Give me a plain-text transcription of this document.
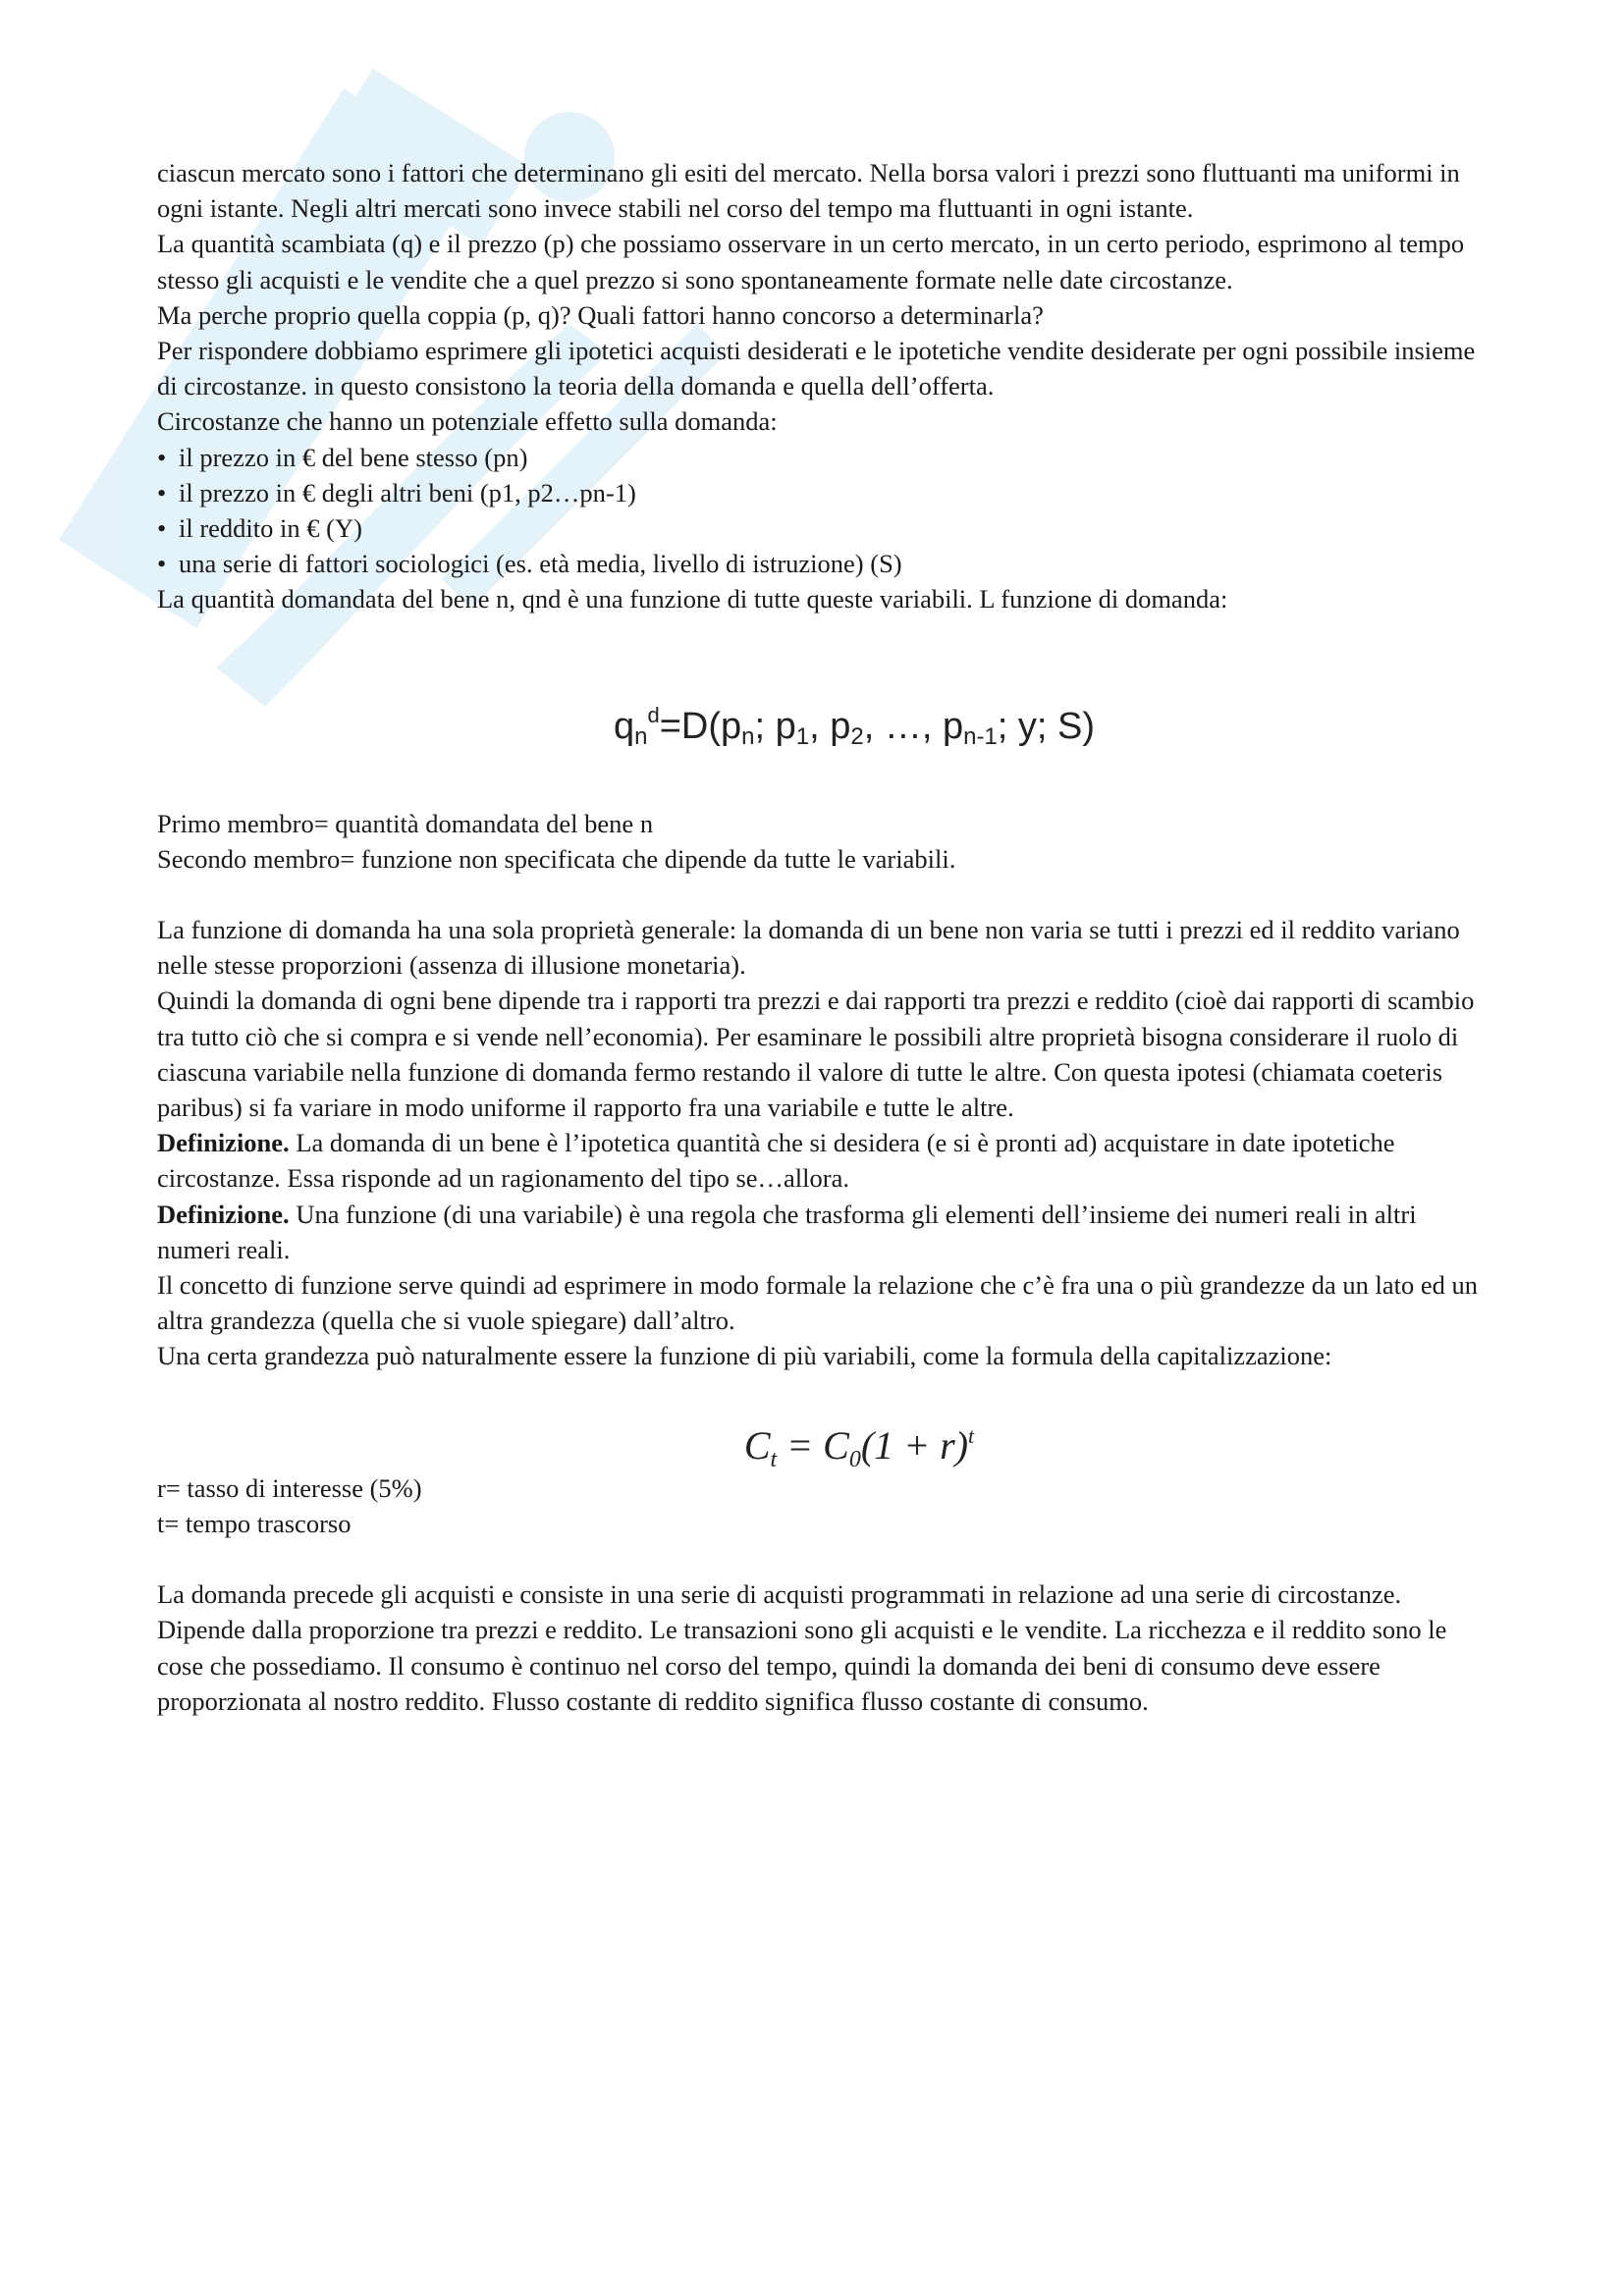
ciascun mercato sono i fattori che determinano gli esiti del mercato. Nella borsa valori i prezzi sono fluttuanti ma uniformi in ogni istante. Negli altri mercati sono invece stabili nel corso del tempo ma fluttuanti in ogni istante.

La quantità scambiata (q) e il prezzo (p) che possiamo osservare in un certo mercato, in un certo periodo, esprimono al tempo stesso gli acquisti e le vendite che a quel prezzo si sono spontaneamente formate nelle date circostanze.

Ma perche proprio quella coppia (p, q)? Quali fattori hanno concorso a determinarla?

Per rispondere dobbiamo esprimere gli ipotetici acquisti desiderati e le ipotetiche vendite desiderate per ogni possibile insieme di circostanze. in questo consistono la teoria della domanda e quella dell’offerta.

Circostanze che hanno un potenziale effetto sulla domanda:

• il prezzo in € del bene stesso (pn)
• il prezzo in € degli altri beni (p1, p2…pn-1)
• il reddito in € (Y)
• una serie di fattori sociologici (es. età media, livello di istruzione) (S)

La quantità domandata del bene n, qnd è una funzione di tutte queste variabili. L funzione di domanda:

$q_n^d=D(p_n$; $p_1$, $p_2$, …, $p_{n-1}$; y; S)

Primo membro= quantità domandata del bene n

Secondo membro= funzione non specificata che dipende da tutte le variabili.

La funzione di domanda ha una sola proprietà generale: la domanda di un bene non varia se tutti i prezzi ed il reddito variano nelle stesse proporzioni (assenza di illusione monetaria).

Quindi la domanda di ogni bene dipende tra i rapporti tra prezzi e dai rapporti tra prezzi e reddito (cioè dai rapporti di scambio tra tutto ciò che si compra e si vende nell’economia). Per esaminare le possibili altre proprietà bisogna considerare il ruolo di ciascuna variabile nella funzione di domanda fermo restando il valore di tutte le altre. Con questa ipotesi (chiamata coeteris paribus) si fa variare in modo uniforme il rapporto fra una variabile e tutte le altre.

Definizione. La domanda di un bene è l’ipotetica quantità che si desidera (e si è pronti ad) acquistare in date ipotetiche circostanze. Essa risponde ad un ragionamento del tipo se…allora.

Definizione. Una funzione (di una variabile) è una regola che trasforma gli elementi dell’insieme dei numeri reali in altri numeri reali.

Il concetto di funzione serve quindi ad esprimere in modo formale la relazione che c’è fra una o più grandezze da un lato ed un altra grandezza (quella che si vuole spiegare) dall’altro.

Una certa grandezza può naturalmente essere la funzione di più variabili, come la formula della capitalizzazione:

$C_t = C_0(1 + r)^t$

r= tasso di interesse (5%)

t= tempo trascorso

La domanda precede gli acquisti e consiste in una serie di acquisti programmati in relazione ad una serie di circostanze. Dipende dalla proporzione tra prezzi e reddito. Le transazioni sono gli acquisti e le vendite. La ricchezza e il reddito sono le cose che possediamo. Il consumo è continuo nel corso del tempo, quindi la domanda dei beni di consumo deve essere proporzionata al nostro reddito. Flusso costante di reddito significa flusso costante di consumo.
